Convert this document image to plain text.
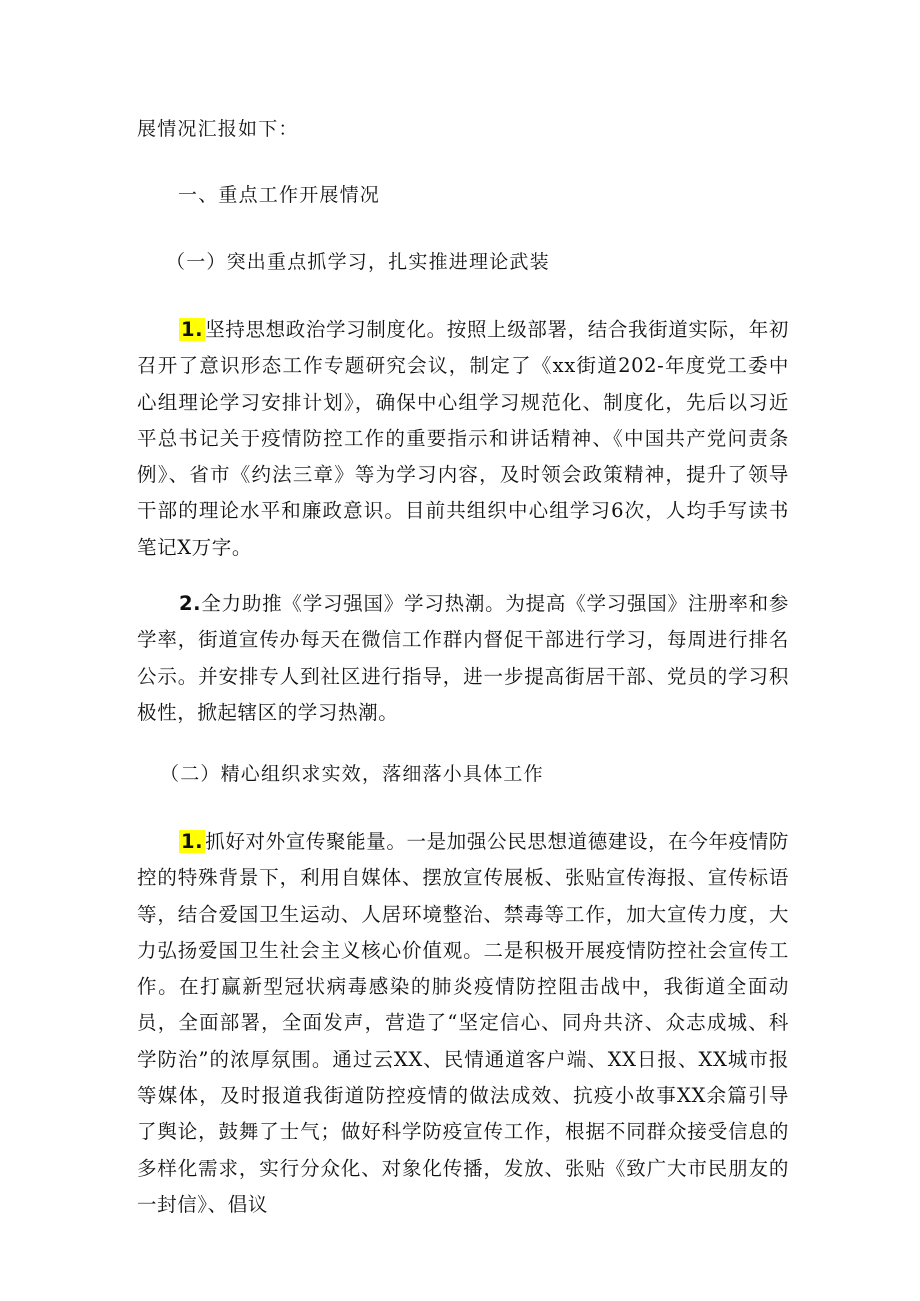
展情况汇报如下：
一、重点工作开展情况
（一）突出重点抓学习，扎实推进理论武装
1. 坚持思想政治学习制度化。按照上级部署，结合我街道实际，年初召开了意识形态工作专题研究会议，制定了《xx街道202-年度党工委中心组理论学习安排计划》，确保中心组学习规范化、制度化，先后以习近平总书记关于疫情防控工作的重要指示和讲话精神、《中国共产党问责条例》、省市《约法三章》等为学习内容，及时领会政策精神，提升了领导干部的理论水平和廉政意识。目前共组织中心组学习6次，人均手写读书笔记X万字。
2.全力助推《学习强国》学习热潮。为提高《学习强国》注册率和参学率，街道宣传办每天在微信工作群内督促干部进行学习，每周进行排名公示。并安排专人到社区进行指导，进一步提高街居干部、党员的学习积极性，掀起辖区的学习热潮。
（二）精心组织求实效，落细落小具体工作
1. 抓好对外宣传聚能量。一是加强公民思想道德建设，在今年疫情防控的特殊背景下，利用自媒体、摆放宣传展板、张贴宣传海报、宣传标语等，结合爱国卫生运动、人居环境整治、禁毒等工作，加大宣传力度，大力弘扬爱国卫生社会主义核心价值观。二是积极开展疫情防控社会宣传工作。在打赢新型冠状病毒感染的肺炎疫情防控阻击战中，我街道全面动员，全面部署，全面发声，营造了“坚定信心、同舟共济、众志成城、科学防治”的浓厚氛围。通过云XX、民情通道客户端、XX日报、XX城市报等媒体，及时报道我街道防控疫情的做法成效、抗疫小故事XX余篇引导了舆论，鼓舞了士气；做好科学防疫宣传工作，根据不同群众接受信息的多样化需求，实行分众化、对象化传播，发放、张贴《致广大市民朋友的一封信》、倡议
